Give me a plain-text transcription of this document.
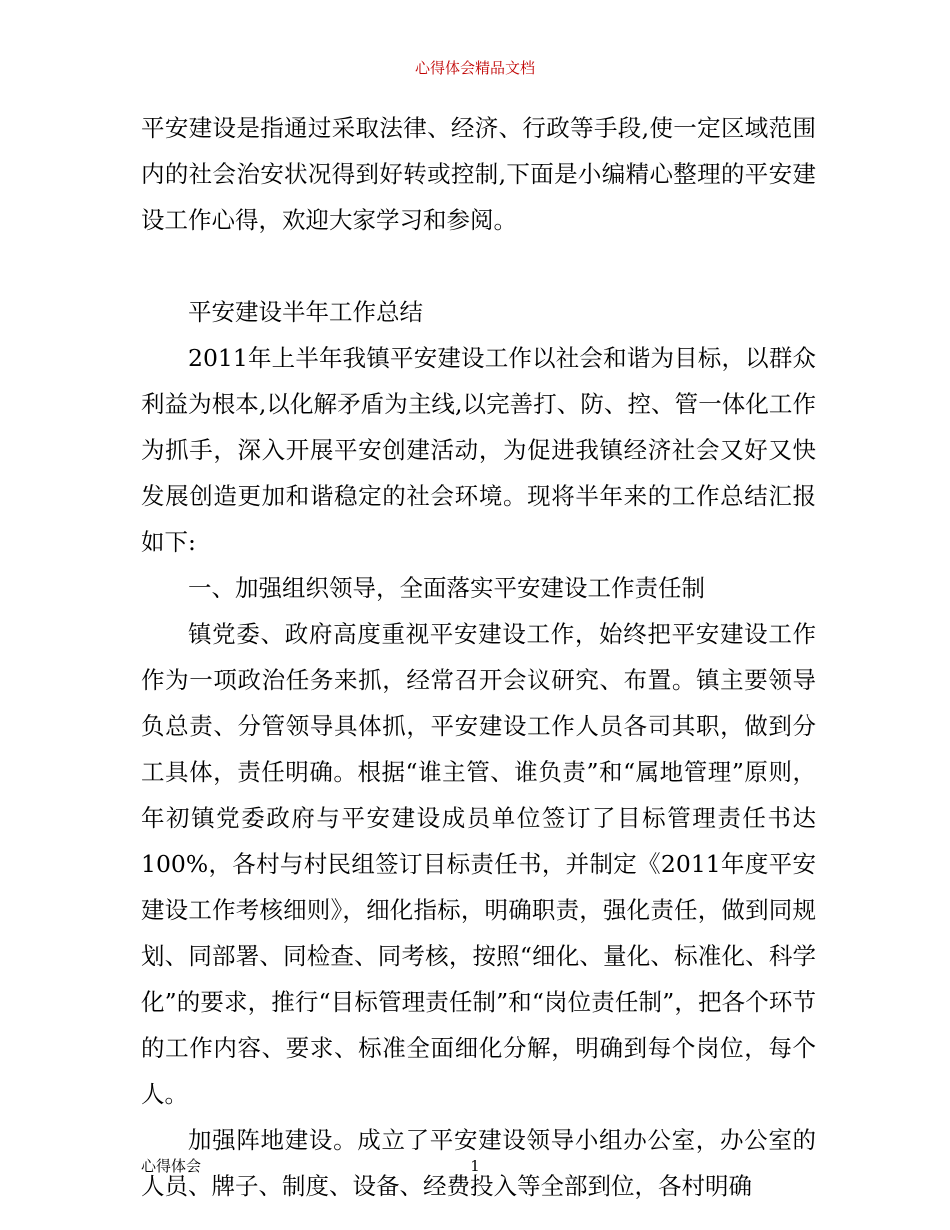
心得体会精品文档

平安建设是指通过采取法律、经济、行政等手段,使一定区域范围内的社会治安状况得到好转或控制,下面是小编精心整理的平安建设工作心得，欢迎大家学习和参阅。

平安建设半年工作总结

2011年上半年我镇平安建设工作以社会和谐为目标，以群众利益为根本,以化解矛盾为主线,以完善打、防、控、管一体化工作为抓手，深入开展平安创建活动，为促进我镇经济社会又好又快发展创造更加和谐稳定的社会环境。现将半年来的工作总结汇报如下:

一、加强组织领导，全面落实平安建设工作责任制

镇党委、政府高度重视平安建设工作，始终把平安建设工作作为一项政治任务来抓，经常召开会议研究、布置。镇主要领导负总责、分管领导具体抓，平安建设工作人员各司其职，做到分工具体，责任明确。根据“谁主管、谁负责”和“属地管理”原则，年初镇党委政府与平安建设成员单位签订了目标管理责任书达100%，各村与村民组签订目标责任书，并制定《2011年度平安建设工作考核细则》，细化指标，明确职责，强化责任，做到同规划、同部署、同检查、同考核，按照“细化、量化、标准化、科学化”的要求，推行“目标管理责任制”和“岗位责任制”，把各个环节的工作内容、要求、标准全面细化分解，明确到每个岗位，每个人。

加强阵地建设。成立了平安建设领导小组办公室，办公室的人员、牌子、制度、设备、经费投入等全部到位，各村明确

心得体会	1
